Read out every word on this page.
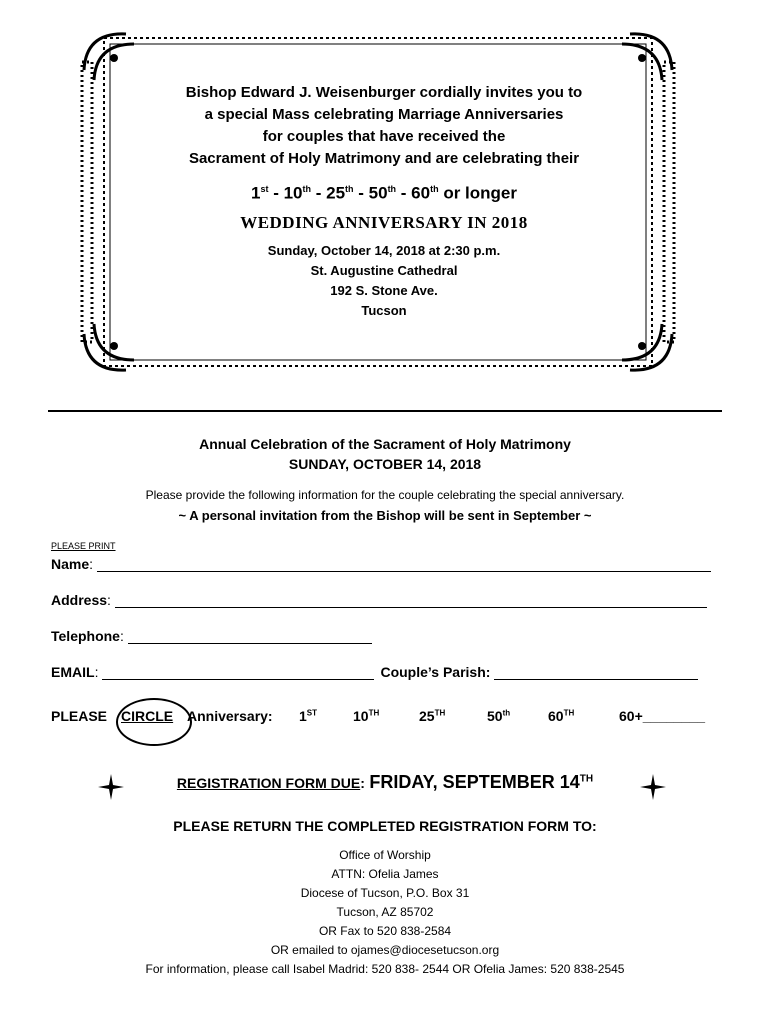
Bishop Edward J. Weisenburger cordially invites you to
a special Mass celebrating Marriage Anniversaries
for couples that have received the
Sacrament of Holy Matrimony and are celebrating their
1st - 10th - 25th - 50th - 60th or longer
WEDDING ANNIVERSARY IN 2018
Sunday, October 14, 2018 at 2:30 p.m.
St. Augustine Cathedral
192 S. Stone Ave.
Tucson
Annual Celebration of the Sacrament of Holy Matrimony
SUNDAY, OCTOBER 14, 2018
Please provide the following information for the couple celebrating the special anniversary.
~ A personal invitation from the Bishop will be sent in September ~
PLEASE PRINT
Name :
Address :
Telephone :
EMAIL :	Couple’s Parish:
PLEASE CIRCLE Anniversary: 1ST	10TH	25TH	50th	60TH	60+________
REGISTRATION FORM DUE: FRIDAY, SEPTEMBER 14TH
PLEASE RETURN THE COMPLETED REGISTRATION FORM TO:
Office of Worship
ATTN: Ofelia James
Diocese of Tucson, P.O. Box 31
Tucson, AZ 85702
OR Fax to 520 838-2584
OR emailed to ojames@diocesetucson.org
For information, please call Isabel Madrid: 520 838- 2544 OR Ofelia James: 520 838-2545
